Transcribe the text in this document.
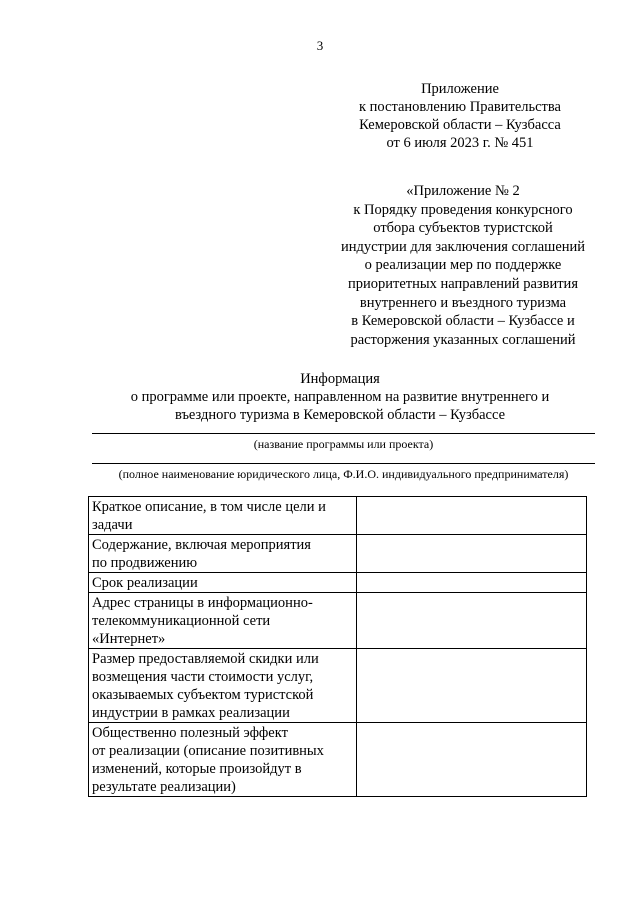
3
Приложение
к постановлению Правительства
Кемеровской области – Кузбасса
от 6 июля 2023 г. № 451
«Приложение № 2
к Порядку проведения конкурсного
отбора субъектов туристской
индустрии для заключения соглашений
о реализации мер по поддержке
приоритетных направлений развития
внутреннего и въездного туризма
в Кемеровской области – Кузбассе и
расторжения указанных соглашений
Информация
о программе или проекте, направленном на развитие внутреннего и
въездного туризма в Кемеровской области – Кузбассе
(название программы или проекта)
(полное наименование юридического лица, Ф.И.О. индивидуального предпринимателя)
Краткое описание, в том числе цели и
задачи	

Содержание, включая мероприятия
по продвижению	

Срок реализации	

Адрес страницы в информационно-
телекоммуникационной сети
«Интернет»	

Размер предоставляемой скидки или
возмещения части стоимости услуг,
оказываемых субъектом туристской
индустрии в рамках реализации	

Общественно полезный эффект
от реализации (описание позитивных
изменений, которые произойдут в
результате реализации)	
